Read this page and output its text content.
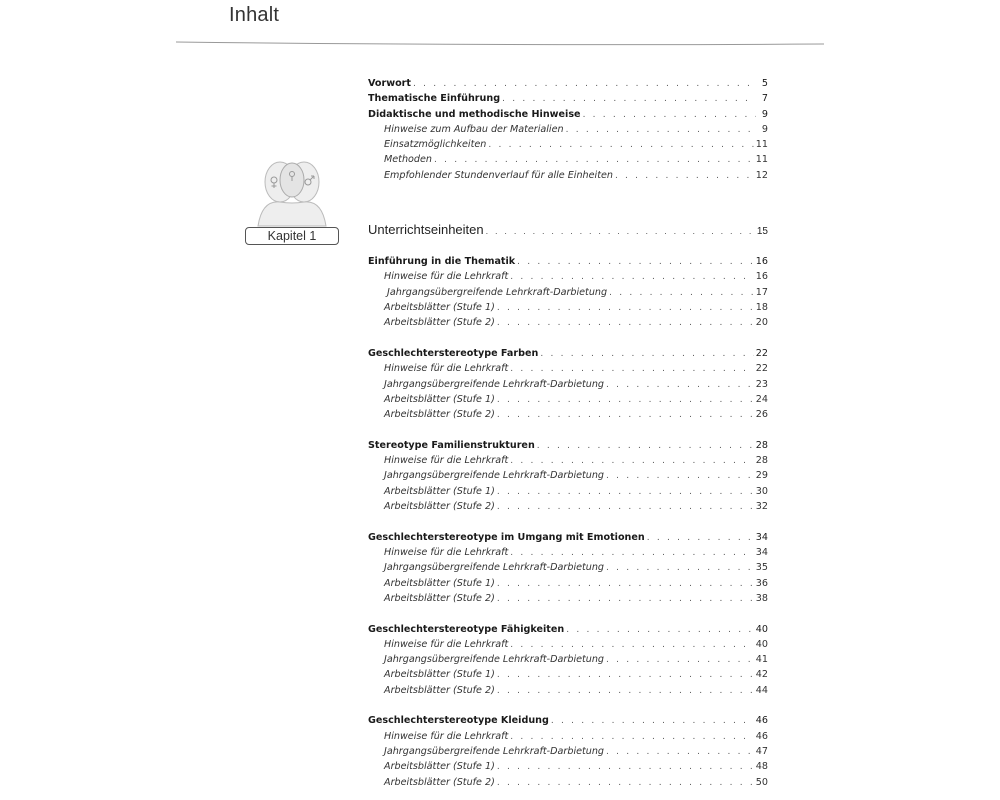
Inhalt
Kapitel 1
Vorwort . . .	5
Thematische Einführung . . .	7
Didaktische und methodische Hinweise . . .	9
Hinweise zum Aufbau der Materialien . . .	9
Einsatzmöglichkeiten . . .	11
Methoden . . .	11
Empfohlender Stundenverlauf für alle Einheiten . . .	12
Unterrichtseinheiten . . .	15
Einführung in die Thematik . . .	16
Hinweise für die Lehrkraft . . .	16
Jahrgangsübergreifende Lehrkraft-Darbietung . . .	17
Arbeitsblätter (Stufe 1) . . .	18
Arbeitsblätter (Stufe 2) . . .	20
Geschlechterstereotype Farben . . .	22
Hinweise für die Lehrkraft . . .	22
Jahrgangsübergreifende Lehrkraft-Darbietung . . .	23
Arbeitsblätter (Stufe 1) . . .	24
Arbeitsblätter (Stufe 2) . . .	26
Stereotype Familienstrukturen . . .	28
Hinweise für die Lehrkraft . . .	28
Jahrgangsübergreifende Lehrkraft-Darbietung . . .	29
Arbeitsblätter (Stufe 1) . . .	30
Arbeitsblätter (Stufe 2) . . .	32
Geschlechterstereotype im Umgang mit Emotionen . . .	34
Hinweise für die Lehrkraft . . .	34
Jahrgangsübergreifende Lehrkraft-Darbietung . . .	35
Arbeitsblätter (Stufe 1) . . .	36
Arbeitsblätter (Stufe 2) . . .	38
Geschlechterstereotype Fähigkeiten . . .	40
Hinweise für die Lehrkraft . . .	40
Jahrgangsübergreifende Lehrkraft-Darbietung . . .	41
Arbeitsblätter (Stufe 1) . . .	42
Arbeitsblätter (Stufe 2) . . .	44
Geschlechterstereotype Kleidung . . .	46
Hinweise für die Lehrkraft . . .	46
Jahrgangsübergreifende Lehrkraft-Darbietung . . .	47
Arbeitsblätter (Stufe 1) . . .	48
Arbeitsblätter (Stufe 2) . . .	50
